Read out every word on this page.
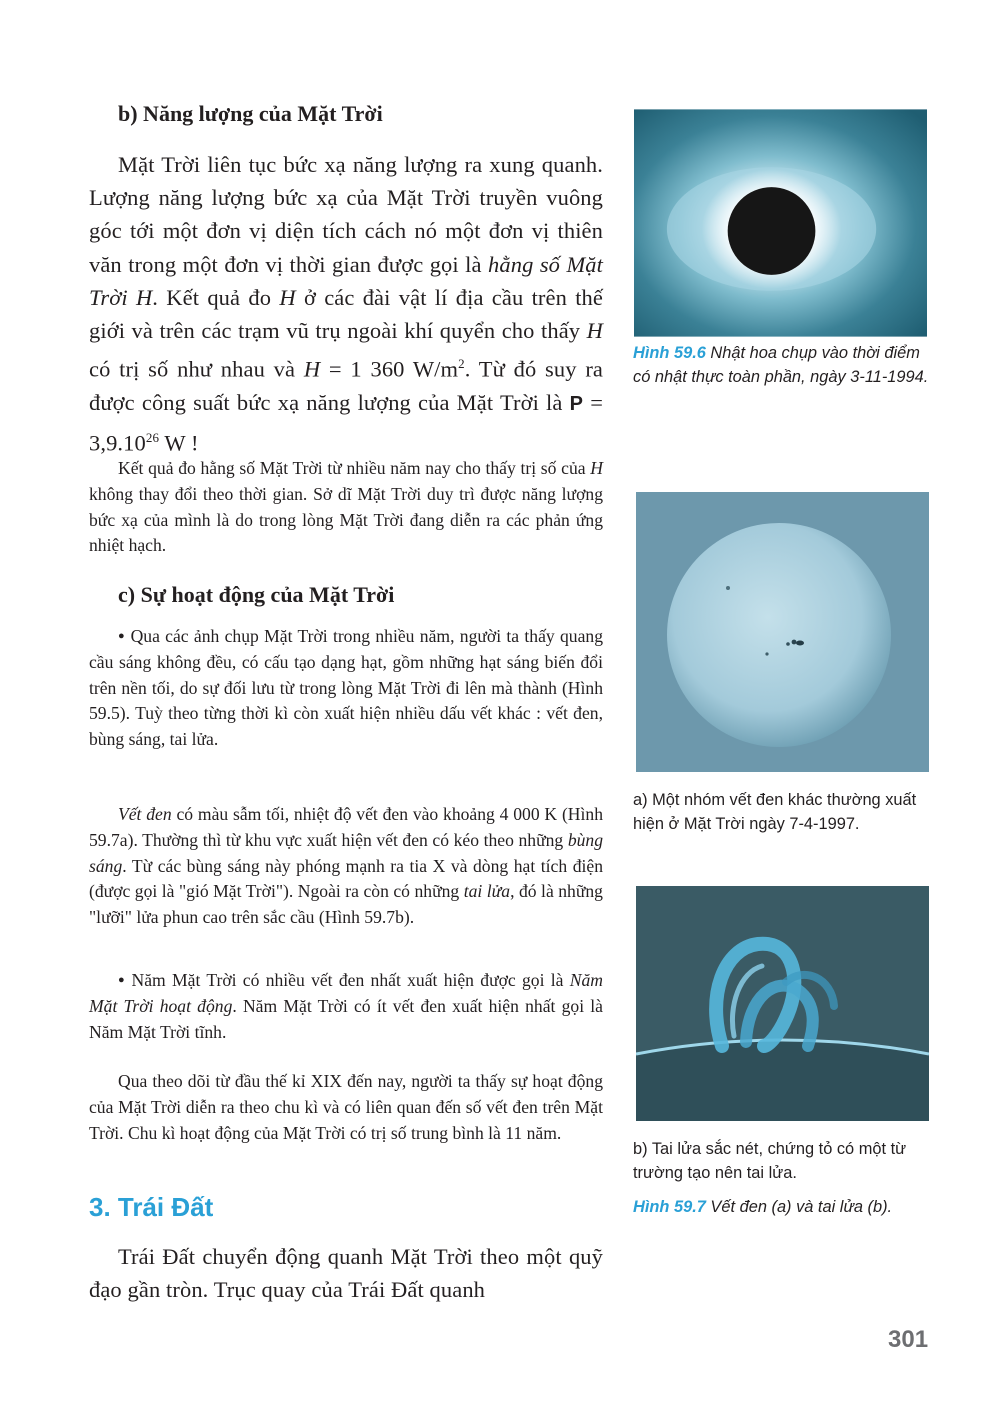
b) Năng lượng của Mặt Trời

Mặt Trời liên tục bức xạ năng lượng ra xung quanh. Lượng năng lượng bức xạ của Mặt Trời truyền vuông góc tới một đơn vị diện tích cách nó một đơn vị thiên văn trong một đơn vị thời gian được gọi là hằng số Mặt Trời H. Kết quả đo H ở các đài vật lí địa cầu trên thế giới và trên các trạm vũ trụ ngoài khí quyển cho thấy H có trị số như nhau và H = 1 360 $W/m^2$. Từ đó suy ra được công suất bức xạ năng lượng của Mặt Trời là $P = 3,9.10^{26}$ W !

Kết quả đo hằng số Mặt Trời từ nhiều năm nay cho thấy trị số của H không thay đổi theo thời gian. Sở dĩ Mặt Trời duy trì được năng lượng bức xạ của mình là do trong lòng Mặt Trời đang diễn ra các phản ứng nhiệt hạch.

c) Sự hoạt động của Mặt Trời

● Qua các ảnh chụp Mặt Trời trong nhiều năm, người ta thấy quang cầu sáng không đều, có cấu tạo dạng hạt, gồm những hạt sáng biến đổi trên nền tối, do sự đối lưu từ trong lòng Mặt Trời đi lên mà thành (Hình 59.5). Tuỳ theo từng thời kì còn xuất hiện nhiều dấu vết khác : vết đen, bùng sáng, tai lửa.

Vết đen có màu sẫm tối, nhiệt độ vết đen vào khoảng 4 000 K (Hình 59.7a). Thường thì từ khu vực xuất hiện vết đen có kéo theo những bùng sáng. Từ các bùng sáng này phóng mạnh ra tia X và dòng hạt tích điện (được gọi là "gió Mặt Trời"). Ngoài ra còn có những tai lửa, đó là những "lưỡi" lửa phun cao trên sắc cầu (Hình 59.7b).

● Năm Mặt Trời có nhiều vết đen nhất xuất hiện được gọi là Năm Mặt Trời hoạt động. Năm Mặt Trời có ít vết đen xuất hiện nhất gọi là Năm Mặt Trời tĩnh.

Qua theo dõi từ đầu thế kỉ XIX đến nay, người ta thấy sự hoạt động của Mặt Trời diễn ra theo chu kì và có liên quan đến số vết đen trên Mặt Trời. Chu kì hoạt động của Mặt Trời có trị số trung bình là 11 năm.

3. Trái Đất

Trái Đất chuyển động quanh Mặt Trời theo một quỹ đạo gần tròn. Trục quay của Trái Đất quanh

Hình 59.6 Nhật hoa chụp vào thời điểm có nhật thực toàn phần, ngày 3-11-1994.

a) Một nhóm vết đen khác thường xuất hiện ở Mặt Trời ngày 7-4-1997.

b) Tai lửa sắc nét, chứng tỏ có một từ trường tạo nên tai lửa.

Hình 59.7 Vết đen (a) và tai lửa (b).

301
